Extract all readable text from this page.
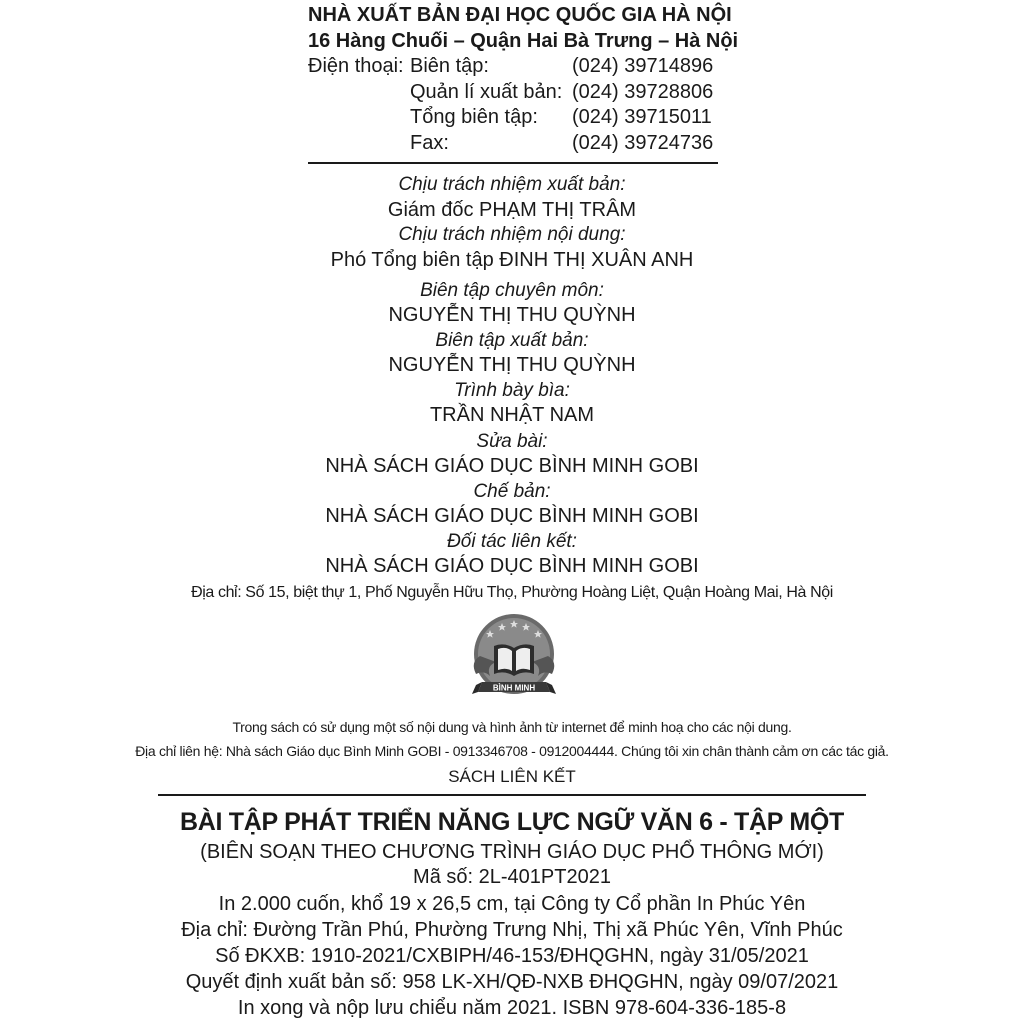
NHÀ XUẤT BẢN ĐẠI HỌC QUỐC GIA HÀ NỘI
16 Hàng Chuối – Quận Hai Bà Trưng – Hà Nội
Điện thoại: Biên tập:	(024) 39714896
Quản lí xuất bản: (024) 39728806
Tổng biên tập: (024) 39715011
Fax:	(024) 39724736
Chịu trách nhiệm xuất bản:
Giám đốc PHẠM THỊ TRÂM
Chịu trách nhiệm nội dung:
Phó Tổng biên tập ĐINH THỊ XUÂN ANH
Biên tập chuyên môn:
NGUYỄN THỊ THU QUỲNH
Biên tập xuất bản:
NGUYỄN THỊ THU QUỲNH
Trình bày bìa:
TRẦN NHẬT NAM
Sửa bài:
NHÀ SÁCH GIÁO DỤC BÌNH MINH GOBI
Chế bản:
NHÀ SÁCH GIÁO DỤC BÌNH MINH GOBI
Đối tác liên kết:
NHÀ SÁCH GIÁO DỤC BÌNH MINH GOBI
Địa chỉ: Số 15, biệt thự 1, Phố Nguyễn Hữu Thọ, Phường Hoàng Liệt, Quận Hoàng Mai, Hà Nội
BÌNH MINH
Trong sách có sử dụng một số nội dung và hình ảnh từ internet để minh hoạ cho các nội dung.
Địa chỉ liên hệ: Nhà sách Giáo dục Bình Minh GOBI - 0913346708 - 0912004444. Chúng tôi xin chân thành cảm ơn các tác giả.
SÁCH LIÊN KẾT
BÀI TẬP PHÁT TRIỂN NĂNG LỰC NGỮ VĂN 6 - TẬP MỘT
(BIÊN SOẠN THEO CHƯƠNG TRÌNH GIÁO DỤC PHỔ THÔNG MỚI)
Mã số: 2L-401PT2021
In 2.000 cuốn, khổ 19 x 26,5 cm, tại Công ty Cổ phần In Phúc Yên
Địa chỉ: Đường Trần Phú, Phường Trưng Nhị, Thị xã Phúc Yên, Vĩnh Phúc
Số ĐKXB: 1910-2021/CXBIPH/46-153/ĐHQGHN, ngày 31/05/2021
Quyết định xuất bản số: 958 LK-XH/QĐ-NXB ĐHQGHN, ngày 09/07/2021
In xong và nộp lưu chiểu năm 2021. ISBN 978-604-336-185-8
